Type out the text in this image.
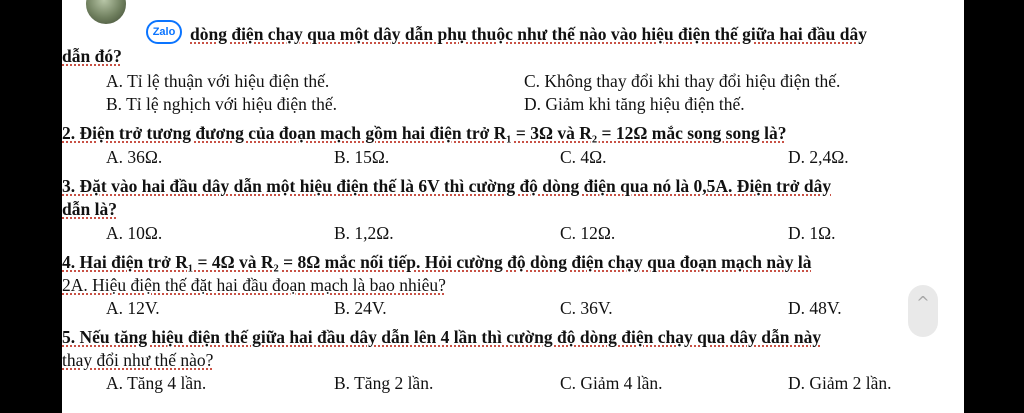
Zalo dòng điện chạy qua một dây dẫn phụ thuộc như thế nào vào hiệu điện thế giữa hai đầu dây
dẫn đó?
A. Tỉ lệ thuận với hiệu điện thế.	C. Không thay đổi khi thay đổi hiệu điện thế.
B. Tỉ lệ nghịch với hiệu điện thế.	D. Giảm khi tăng hiệu điện thế.
2. Điện trở tương đương của đoạn mạch gồm hai điện trở R₁ = 3Ω và R₂ = 12Ω mắc song song là?
A. 36Ω.	B. 15Ω.	C. 4Ω.	D. 2,4Ω.
3. Đặt vào hai đầu dây dẫn một hiệu điện thế là 6V thì cường độ dòng điện qua nó là 0,5A. Điện trở dây
dẫn là?
A. 10Ω.	B. 1,2Ω.	C. 12Ω.	D. 1Ω.
4. Hai điện trở R₁ = 4Ω và R₂ = 8Ω mắc nối tiếp. Hỏi cường độ dòng điện chạy qua đoạn mạch này là
2A. Hiệu điện thế đặt hai đầu đoạn mạch là bao nhiêu?
A. 12V.	B. 24V.	C. 36V.	D. 48V.
5. Nếu tăng hiệu điện thế giữa hai đầu dây dẫn lên 4 lần thì cường độ dòng điện chạy qua dây dẫn này
thay đổi như thế nào?
A. Tăng 4 lần.	B. Tăng 2 lần.	C. Giảm 4 lần.	D. Giảm 2 lần.
^
